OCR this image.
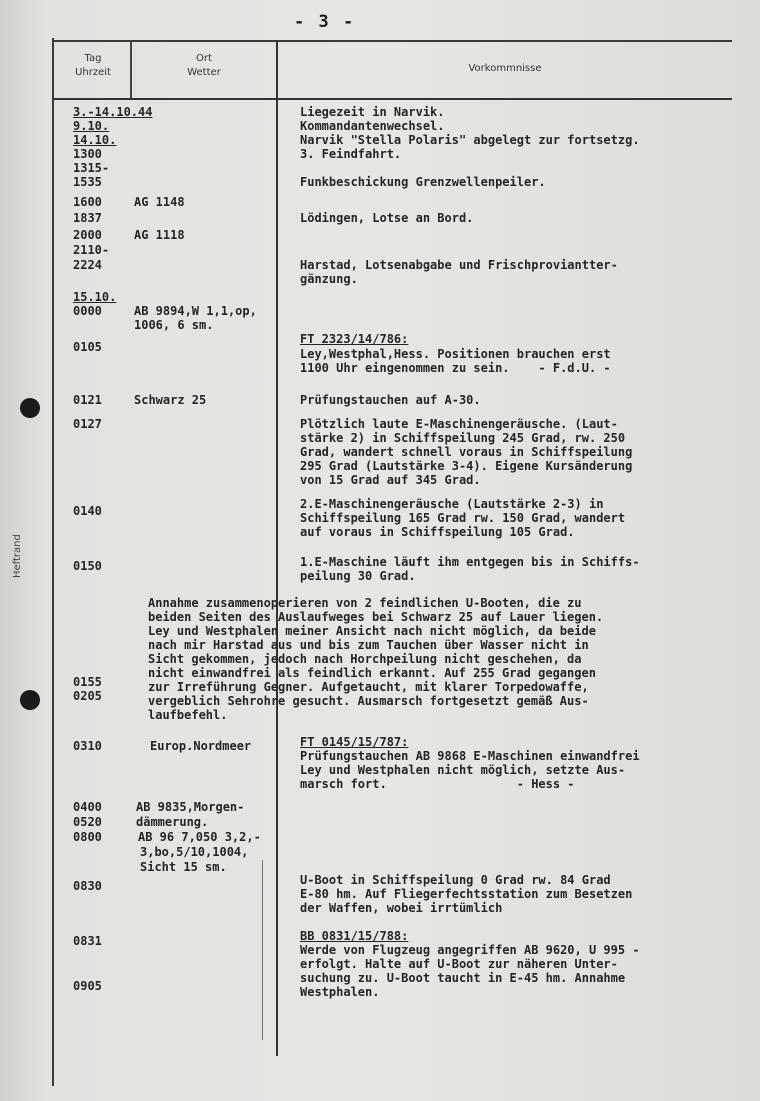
- 3 -
Tag
Uhrzeit
Ort
Wetter	Vorkommnisse
Heftrand
3.-14.10.44
9.10.
14.10.
1300
1315-
1535
1600
1837
2000
2110-
2224
15.10.
0000
0105
0121
0127
0140
0150
0155
0205
0310
0400
0520
0800
0830
0831
0905
AG 1148
AG 1118
AB 9894,W 1,1,op,
1006, 6 sm.
Schwarz 25
Europ.Nordmeer
AB 9835,Morgen-
dämmerung.
AB 96 7,050 3,2,-
3,bo,5/10,1004,
Sicht 15 sm.
Liegezeit in Narvik.
Kommandantenwechsel.
Narvik "Stella Polaris" abgelegt zur fortsetzg.
3. Feindfahrt.
Funkbeschickung Grenzwellenpeiler.
Lödingen, Lotse an Bord.
Harstad, Lotsenabgabe und Frischproviantter-
gänzung.
FT 2323/14/786:
Ley,Westphal,Hess. Positionen brauchen erst
1100 Uhr eingenommen zu sein.    - F.d.U. -
Prüfungstauchen auf A-30.
Plötzlich laute E-Maschinengeräusche. (Laut-
stärke 2) in Schiffspeilung 245 Grad, rw. 250
Grad, wandert schnell voraus in Schiffspeilung
295 Grad (Lautstärke 3-4). Eigene Kursänderung
von 15 Grad auf 345 Grad.
2.E-Maschinengeräusche (Lautstärke 2-3) in
Schiffspeilung 165 Grad rw. 150 Grad, wandert
auf voraus in Schiffspeilung 105 Grad.
1.E-Maschine läuft ihm entgegen bis in Schiffs-
peilung 30 Grad.
Annahme zusammenoperieren von 2 feindlichen U-Booten, die zu
beiden Seiten des Auslaufweges bei Schwarz 25 auf Lauer liegen.
Ley und Westphalen meiner Ansicht nach nicht möglich, da beide
nach mir Harstad aus und bis zum Tauchen über Wasser nicht in
Sicht gekommen, jedoch nach Horchpeilung nicht geschehen, da
nicht einwandfrei als feindlich erkannt. Auf 255 Grad gegangen
zur Irreführung Gegner. Aufgetaucht, mit klarer Torpedowaffe,
vergeblich Sehrohre gesucht. Ausmarsch fortgesetzt gemäß Aus-
laufbefehl.
FT 0145/15/787:
Prüfungstauchen AB 9868 E-Maschinen einwandfrei
Ley und Westphalen nicht möglich, setzte Aus-
marsch fort.                  - Hess -
U-Boot in Schiffspeilung 0 Grad rw. 84 Grad
E-80 hm. Auf Fliegerfechtsstation zum Besetzen
der Waffen, wobei irrtümlich
BB 0831/15/788:
Werde von Flugzeug angegriffen AB 9620, U 995 -
erfolgt. Halte auf U-Boot zur näheren Unter-
suchung zu. U-Boot taucht in E-45 hm. Annahme
Westphalen.
